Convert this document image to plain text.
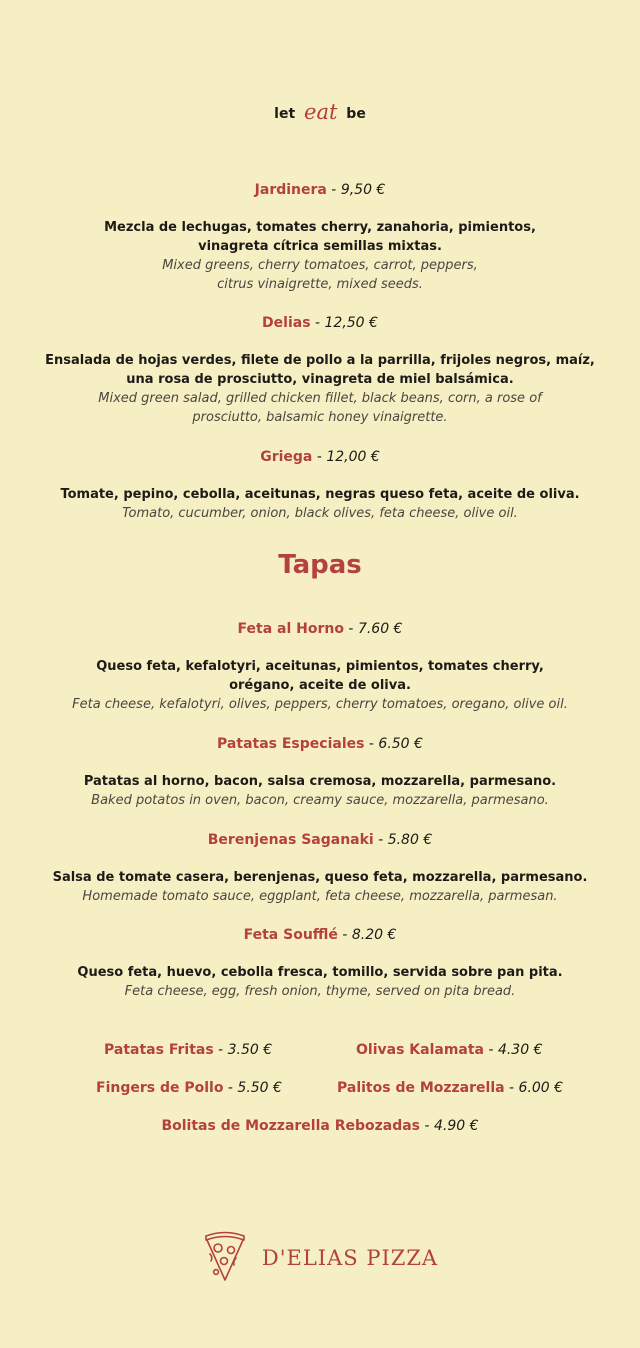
let eat be
Jardinera - 9,50 €
Mezcla de lechugas, tomates cherry, zanahoria, pimientos,
vinagreta cítrica semillas mixtas.
Mixed greens, cherry tomatoes, carrot, peppers,
citrus vinaigrette, mixed seeds.
Delias - 12,50 €
Ensalada de hojas verdes, filete de pollo a la parrilla, frijoles negros, maíz,
una rosa de prosciutto, vinagreta de miel balsámica.
Mixed green salad, grilled chicken fillet, black beans, corn, a rose of
prosciutto, balsamic honey vinaigrette.
Griega - 12,00 €
Tomate, pepino, cebolla, aceitunas, negras queso feta, aceite de oliva.
Tomato, cucumber, onion, black olives, feta cheese, olive oil.
Tapas
Feta al Horno - 7.60 €
Queso feta, kefalotyri, aceitunas, pimientos, tomates cherry,
orégano, aceite de oliva.
Feta cheese, kefalotyri, olives, peppers, cherry tomatoes, oregano, olive oil.
Patatas Especiales - 6.50 €
Patatas al horno, bacon, salsa cremosa, mozzarella, parmesano.
Baked potatos in oven, bacon, creamy sauce, mozzarella, parmesano.
Berenjenas Saganaki - 5.80 €
Salsa de tomate casera, berenjenas, queso feta, mozzarella, parmesano.
Homemade tomato sauce, eggplant, feta cheese, mozzarella, parmesan.
Feta Soufflé - 8.20 €
Queso feta, huevo, cebolla fresca, tomillo, servida sobre pan pita.
Feta cheese, egg, fresh onion, thyme, served on pita bread.
Patatas Fritas - 3.50 €	Olivas Kalamata - 4.30 €
Fingers de Pollo - 5.50 €	Palitos de Mozzarella - 6.00 €
Bolitas de Mozzarella Rebozadas - 4.90 €
D'ELIAS PIZZA
